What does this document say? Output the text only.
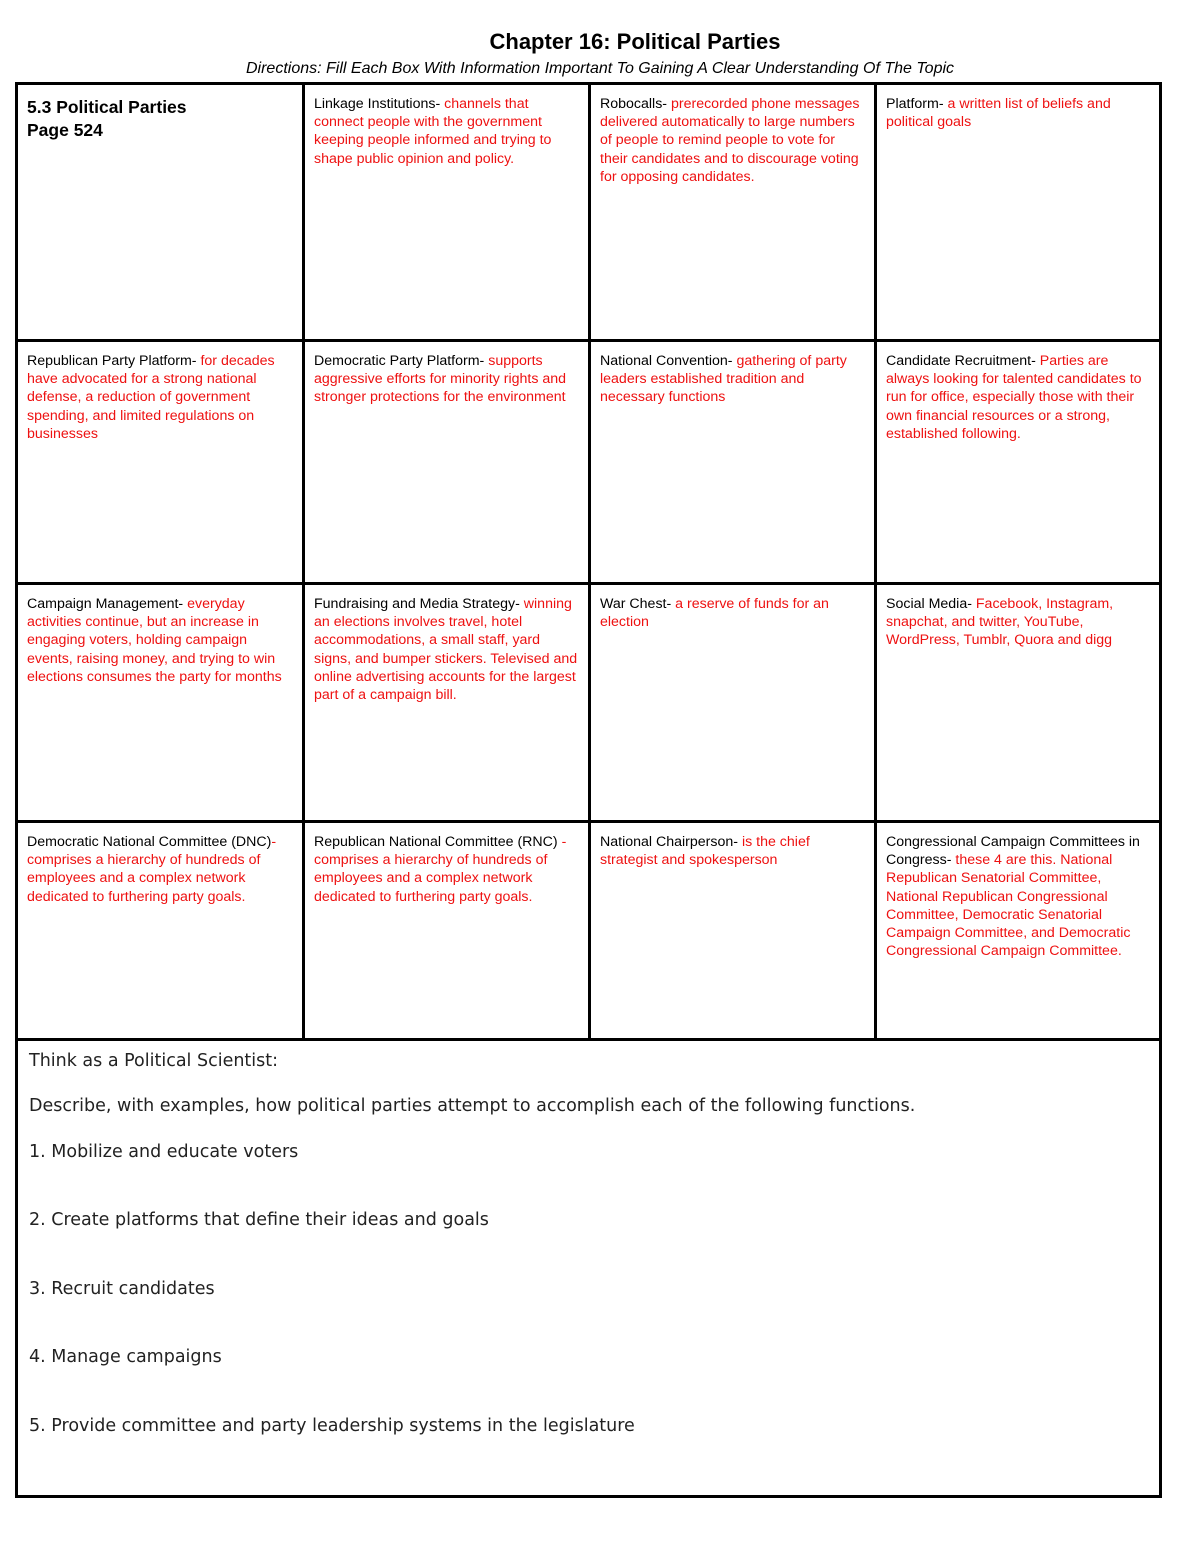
Chapter 16: Political Parties
Directions: Fill Each Box With Information Important To Gaining A Clear Understanding Of The Topic
5.3 Political Parties
Page 524
Linkage Institutions- channels that connect people with the government keeping people informed and trying to shape public opinion and policy.
Robocalls- prerecorded phone messages delivered automatically to large numbers of people to remind people to vote for their candidates and to discourage voting for opposing candidates.
Platform- a written list of beliefs and political goals
Republican Party Platform- for decades have advocated for a strong national defense, a reduction of government spending, and limited regulations on businesses
Democratic Party Platform- supports aggressive efforts for minority rights and stronger protections for the environment
National Convention- gathering of party leaders established tradition and necessary functions
Candidate Recruitment- Parties are always looking for talented candidates to run for office, especially those with their own financial resources or a strong, established following.
Campaign Management- everyday activities continue, but an increase in engaging voters, holding campaign events, raising money, and trying to win elections consumes the party for months
Fundraising and Media Strategy- winning an elections involves travel, hotel accommodations, a small staff, yard signs, and bumper stickers. Televised and online advertising accounts for the largest part of a campaign bill.
War Chest- a reserve of funds for an election
Social Media- Facebook, Instagram, snapchat, and twitter, YouTube, WordPress, Tumblr, Quora and digg
Democratic National Committee (DNC)- comprises a hierarchy of hundreds of employees and a complex network dedicated to furthering party goals.
Republican National Committee (RNC) - comprises a hierarchy of hundreds of employees and a complex network dedicated to furthering party goals.
National Chairperson- is the chief strategist and spokesperson
Congressional Campaign Committees in Congress- these 4 are this. National Republican Senatorial Committee, National Republican Congressional Committee, Democratic Senatorial Campaign Committee, and Democratic Congressional Campaign Committee.

Think as a Political Scientist:

Describe, with examples, how political parties attempt to accomplish each of the following functions.

1. Mobilize and educate voters

2. Create platforms that define their ideas and goals

3. Recruit candidates

4. Manage campaigns

5. Provide committee and party leadership systems in the legislature
